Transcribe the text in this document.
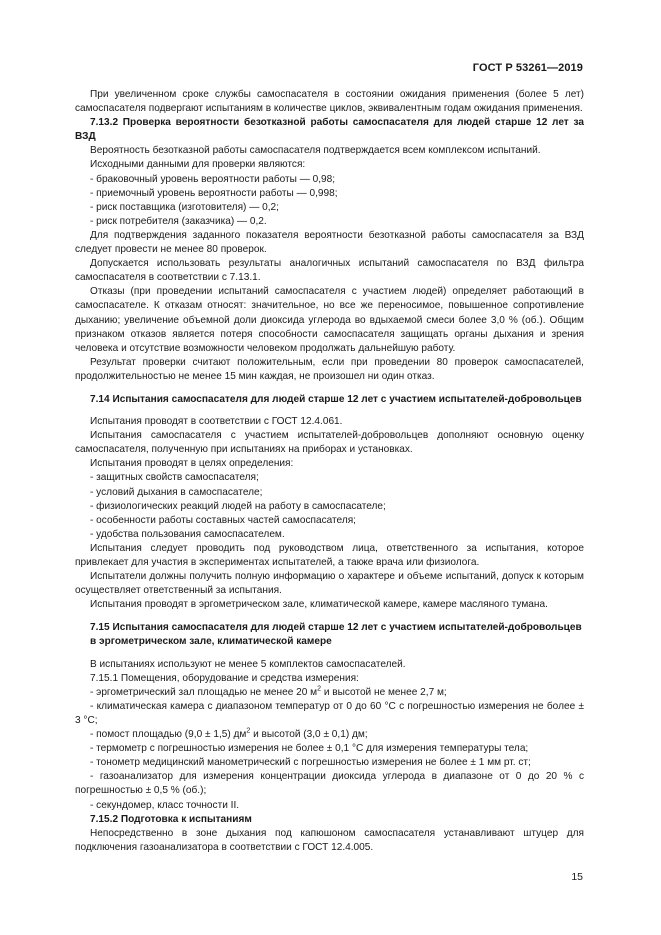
ГОСТ Р 53261—2019

При увеличенном сроке службы самоспасателя в состоянии ожидания применения (более 5 лет) самоспасателя подвергают испытаниям в количестве циклов, эквивалентным годам ожидания применения.

7.13.2 Проверка вероятности безотказной работы самоспасателя для людей старше 12 лет за ВЗД

Вероятность безотказной работы самоспасателя подтверждается всем комплексом испытаний.

Исходными данными для проверки являются:

- браковочный уровень вероятности работы — 0,98;

- приемочный уровень вероятности работы — 0,998;

- риск поставщика (изготовителя) — 0,2;

- риск потребителя (заказчика) — 0,2.

Для подтверждения заданного показателя вероятности безотказной работы самоспасателя за ВЗД следует провести не менее 80 проверок.

Допускается использовать результаты аналогичных испытаний самоспасателя по ВЗД фильтра самоспасателя в соответствии с 7.13.1.

Отказы (при проведении испытаний самоспасателя с участием людей) определяет работающий в самоспасателе. К отказам относят: значительное, но все же переносимое, повышенное сопротивление дыханию; увеличение объемной доли диоксида углерода во вдыхаемой смеси более 3,0 % (об.). Общим признаком отказов является потеря способности самоспасателя защищать органы дыхания и зрения человека и отсутствие возможности человеком продолжать дальнейшую работу.

Результат проверки считают положительным, если при проведении 80 проверок самоспасателей, продолжительностью не менее 15 мин каждая, не произошел ни один отказ.

7.14 Испытания самоспасателя для людей старше 12 лет с участием испытателей-добровольцев

Испытания проводят в соответствии с ГОСТ 12.4.061.

Испытания самоспасателя с участием испытателей-добровольцев дополняют основную оценку самоспасателя, полученную при испытаниях на приборах и установках.

Испытания проводят в целях определения:

- защитных свойств самоспасателя;

- условий дыхания в самоспасателе;

- физиологических реакций людей на работу в самоспасателе;

- особенности работы составных частей самоспасателя;

- удобства пользования самоспасателем.

Испытания следует проводить под руководством лица, ответственного за испытания, которое привлекает для участия в экспериментах испытателей, а также врача или физиолога.

Испытатели должны получить полную информацию о характере и объеме испытаний, допуск к которым осуществляет ответственный за испытания.

Испытания проводят в эргометрическом зале, климатической камере, камере масляного тумана.

7.15 Испытания самоспасателя для людей старше 12 лет с участием испытателей-добровольцев в эргометрическом зале, климатической камере

В испытаниях используют не менее 5 комплектов самоспасателей.

7.15.1 Помещения, оборудование и средства измерения:

- эргометрический зал площадью не менее 20 $м^2$ и высотой не менее 2,7 м;

- климатическая камера с диапазоном температур от 0 до 60 °С с погрешностью измерения не более ± 3 °С;

- помост площадью (9,0 ± 1,5) $дм^2$ и высотой (3,0 ± 0,1) дм;

- термометр с погрешностью измерения не более ± 0,1 °С для измерения температуры тела;

- тонометр медицинский манометрический с погрешностью измерения не более ± 1 мм рт. ст;

- газоанализатор для измерения концентрации диоксида углерода в диапазоне от 0 до 20 % с погрешностью ± 0,5 % (об.);

- секундомер, класс точности II.

7.15.2 Подготовка к испытаниям

Непосредственно в зоне дыхания под капюшоном самоспасателя устанавливают штуцер для подключения газоанализатора в соответствии с ГОСТ 12.4.005.

15
